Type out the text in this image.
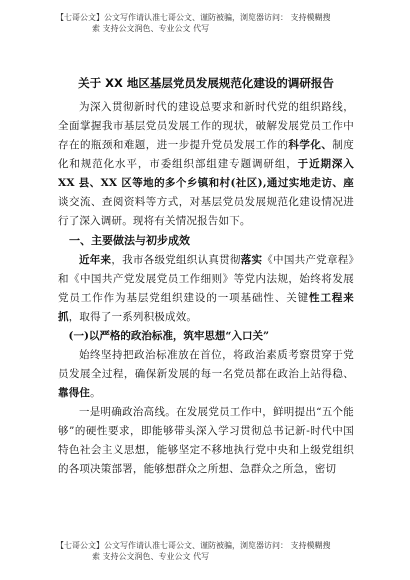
【七哥公文】公文写作请认准七哥公文、谨防被骗，浏览器访问： 支持模糊搜
索 支持公文润色、专业公文 代写
关于 XX 地区基层党员发展规范化建设的调研报告

为深入贯彻新时代的建设总要求和新时代党的组织路线，全面掌握我市基层党员发展工作的现状，破解发展党员工作中存在的瓶颈和难题，进一步提升党员发展工作的科学化、制度化和规范化水平，市委组织部组建专题调研组，于近期深入 XX 县、XX 区等地的多个乡镇和村(社区),通过实地走访、座谈交流、查阅资料等方式，对基层党员发展规范化建设情况进 行了深入调研。现将有关情况报告如下。

一、主要做法与初步成效

近年来，我市各级党组织认真贯彻落实《中国共产党章程》和《中国共产党发展党员工作细则》等党内法规，始终将发展党员工作作为基层党组织建设的一项基础性、关键性工程来抓，取得了一系列积极成效。

(一)以严格的政治标准，筑牢思想“入口关”

始终坚持把政治标准放在首位，将政治素质考察贯穿于党员发展全过程，确保新发展的每一名党员都在政治上站得稳、靠得住。

一是明确政治高线。在发展党员工作中，鲜明提出“五个能够”的硬性要求，即能够带头深入学习贯彻总书记新-时代中国特色社会主义思想，能够坚定不移地执行党中央和上级党组织的各项决策部署，能够想群众之所想、急群众之所急，密切

【七哥公文】公文写作请认准七哥公文、谨防被骗，浏览器访问： 支持模糊搜
索 支持公文润色、专业公文 代写
